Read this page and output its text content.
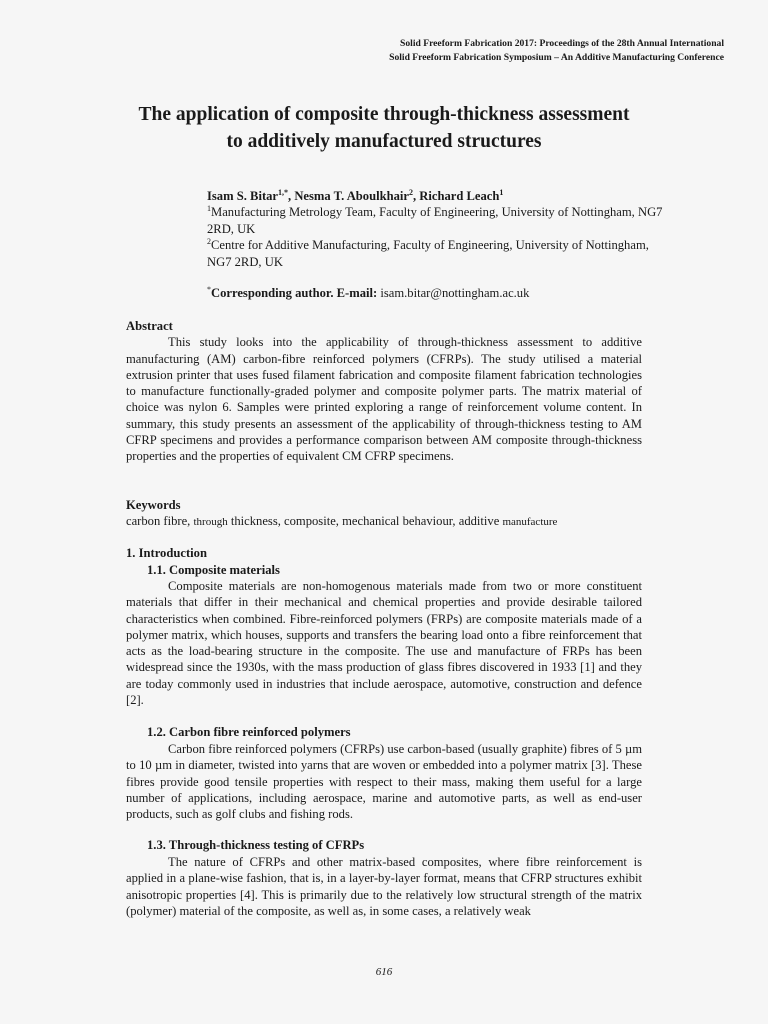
Solid Freeform Fabrication 2017: Proceedings of the 28th Annual International
Solid Freeform Fabrication Symposium – An Additive Manufacturing Conference
The application of composite through-thickness assessment
to additively manufactured structures
Isam S. Bitar$^{1,*}$, Nesma T. Aboulkhair$^2$, Richard Leach$^1$
$^1$Manufacturing Metrology Team, Faculty of Engineering, University of Nottingham, NG7 2RD, UK
$^2$Centre for Additive Manufacturing, Faculty of Engineering, University of Nottingham, NG7 2RD, UK
*Corresponding author. E-mail: isam.bitar@nottingham.ac.uk
Abstract
This study looks into the applicability of through-thickness assessment to additive manufacturing (AM) carbon-fibre reinforced polymers (CFRPs). The study utilised a material extrusion printer that uses fused filament fabrication and composite filament fabrication technologies to manufacture functionally-graded polymer and composite polymer parts. The matrix material of choice was nylon 6. Samples were printed exploring a range of reinforcement volume content. In summary, this study presents an assessment of the applicability of through-thickness testing to AM CFRP specimens and provides a performance comparison between AM composite through-thickness properties and the properties of equivalent CM CFRP specimens.
Keywords
carbon fibre, through thickness, composite, mechanical behaviour, additive manufacture
1. Introduction
1.1. Composite materials
Composite materials are non-homogenous materials made from two or more constituent materials that differ in their mechanical and chemical properties and provide desirable tailored characteristics when combined. Fibre-reinforced polymers (FRPs) are composite materials made of a polymer matrix, which houses, supports and transfers the bearing load onto a fibre reinforcement that acts as the load-bearing structure in the composite. The use and manufacture of FRPs has been widespread since the 1930s, with the mass production of glass fibres discovered in 1933 [1] and they are today commonly used in industries that include aerospace, automotive, construction and defence [2].
1.2. Carbon fibre reinforced polymers
Carbon fibre reinforced polymers (CFRPs) use carbon-based (usually graphite) fibres of 5 µm to 10 µm in diameter, twisted into yarns that are woven or embedded into a polymer matrix [3]. These fibres provide good tensile properties with respect to their mass, making them useful for a large number of applications, including aerospace, marine and automotive parts, as well as end-user products, such as golf clubs and fishing rods.
1.3. Through-thickness testing of CFRPs
The nature of CFRPs and other matrix-based composites, where fibre reinforcement is applied in a plane-wise fashion, that is, in a layer-by-layer format, means that CFRP structures exhibit anisotropic properties [4]. This is primarily due to the relatively low structural strength of the matrix (polymer) material of the composite, as well as, in some cases, a relatively weak
616
